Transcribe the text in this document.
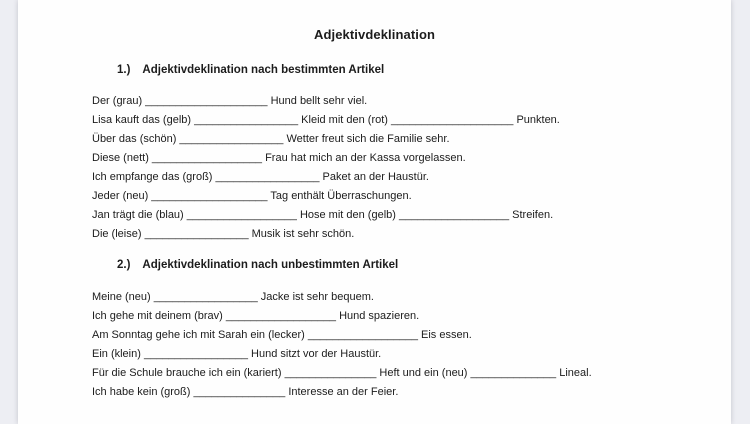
Adjektivdeklination
1.) Adjektivdeklination nach bestimmten Artikel
Der (grau) ____________________ Hund bellt sehr viel.
Lisa kauft das (gelb) _________________ Kleid mit den (rot) ____________________ Punkten.
Über das (schön) _________________ Wetter freut sich die Familie sehr.
Diese (nett) __________________ Frau hat mich an der Kassa vorgelassen.
Ich empfange das (groß) _________________ Paket an der Haustür.
Jeder (neu) ___________________ Tag enthält Überraschungen.
Jan trägt die (blau) __________________ Hose mit den (gelb) __________________ Streifen.
Die (leise) _________________ Musik ist sehr schön.
2.) Adjektivdeklination nach unbestimmten Artikel
Meine (neu) _________________ Jacke ist sehr bequem.
Ich gehe mit deinem (brav) __________________ Hund spazieren.
Am Sonntag gehe ich mit Sarah ein (lecker) __________________ Eis essen.
Ein (klein) _________________ Hund sitzt vor der Haustür.
Für die Schule brauche ich ein (kariert) _______________ Heft und ein (neu) ______________ Lineal.
Ich habe kein (groß) _______________ Interesse an der Feier.
